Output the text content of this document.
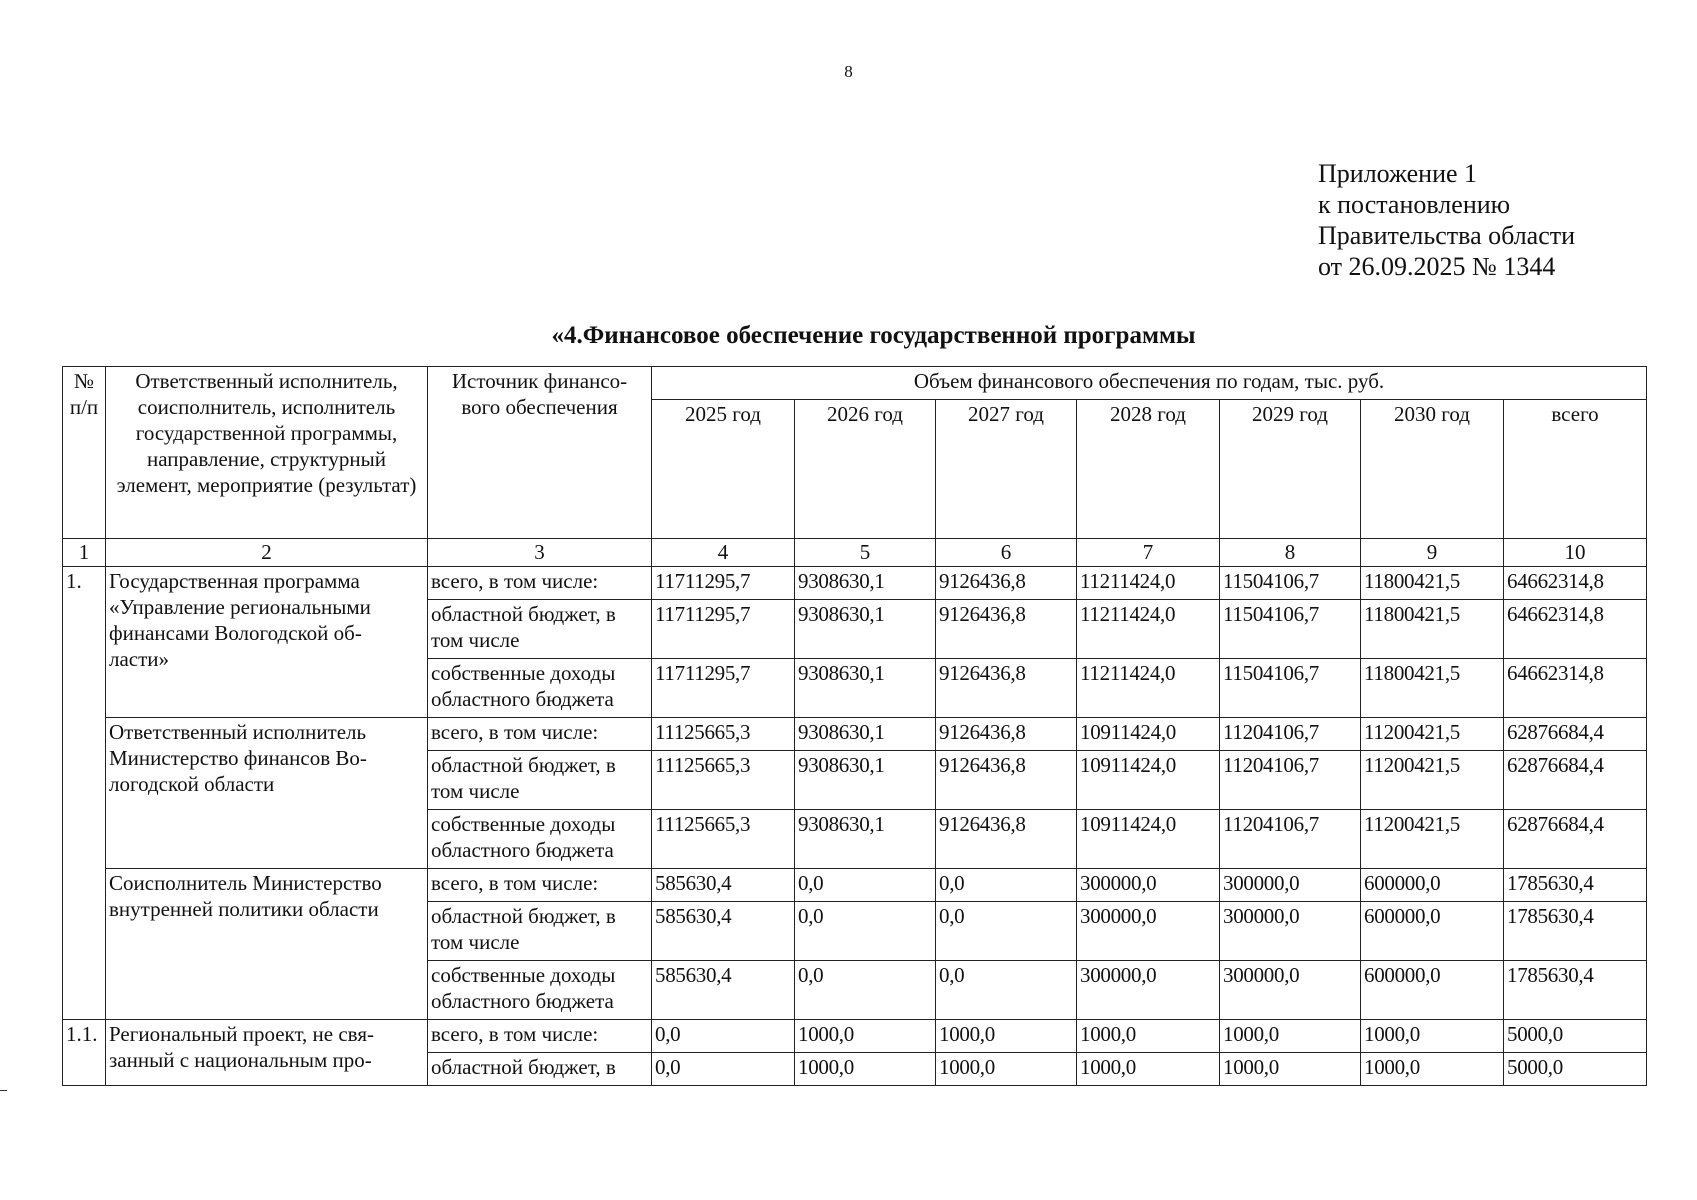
8
Приложение 1
к постановлению
Правительства области
от 26.09.2025 № 1344
«4.Финансовое обеспечение государственной программы
№ п/п	Ответственный исполнитель, соисполнитель, исполнитель государственной программы, направление, структурный элемент, мероприятие (результат)	Источник финансо- вого обеспечения	Объем финансового обеспечения по годам, тыс. руб.						
			2025 год	2026 год	2027 год	2028 год	2029 год	2030 год	всего
1	2	3	4	5	6	7	8	9	10
1.	Государственная программа «Управление региональными финансами Вологодской об- ласти»	всего, в том числе:	11711295,7	9308630,1	9126436,8	11211424,0	11504106,7	11800421,5	64662314,8
		областной бюджет, в том числе	11711295,7	9308630,1	9126436,8	11211424,0	11504106,7	11800421,5	64662314,8
		собственные доходы областного бюджета	11711295,7	9308630,1	9126436,8	11211424,0	11504106,7	11800421,5	64662314,8
	Ответственный исполнитель Министерство финансов Во- логодской области	всего, в том числе:	11125665,3	9308630,1	9126436,8	10911424,0	11204106,7	11200421,5	62876684,4
		областной бюджет, в том числе	11125665,3	9308630,1	9126436,8	10911424,0	11204106,7	11200421,5	62876684,4
		собственные доходы областного бюджета	11125665,3	9308630,1	9126436,8	10911424,0	11204106,7	11200421,5	62876684,4
	Соисполнитель Министерство внутренней политики области	всего, в том числе:	585630,4	0,0	0,0	300000,0	300000,0	600000,0	1785630,4
		областной бюджет, в том числе	585630,4	0,0	0,0	300000,0	300000,0	600000,0	1785630,4
		собственные доходы областного бюджета	585630,4	0,0	0,0	300000,0	300000,0	600000,0	1785630,4
1.1.	Региональный проект, не свя- занный с национальным про-	всего, в том числе:	0,0	1000,0	1000,0	1000,0	1000,0	1000,0	5000,0
		областной бюджет, в	0,0	1000,0	1000,0	1000,0	1000,0	1000,0	5000,0
